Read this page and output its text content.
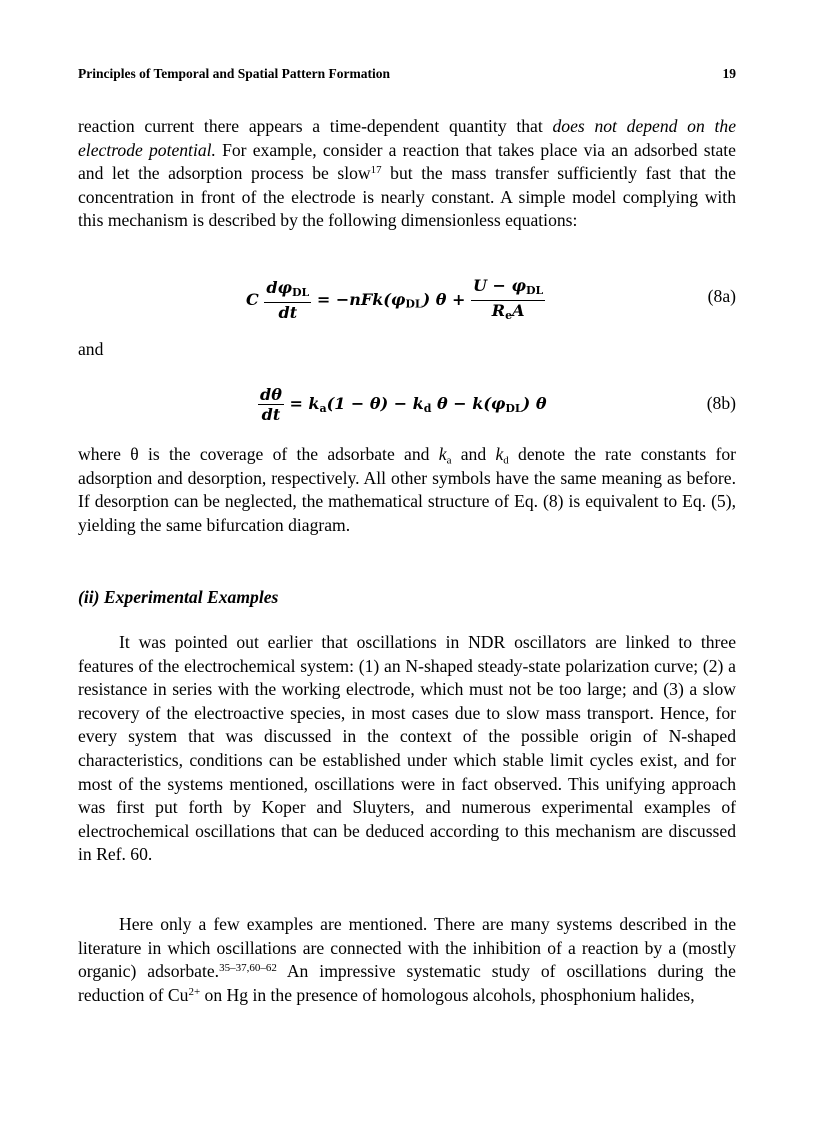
Principles of Temporal and Spatial Pattern Formation	19

reaction current there appears a time-dependent quantity that does not depend on the electrode potential. For example, consider a reaction that takes place via an adsorbed state and let the adsorption process be slow$^{17}$ but the mass transfer sufficiently fast that the concentration in front of the electrode is nearly constant. A simple model complying with this mechanism is described by the following dimensionless equations:

C $\frac{\text{dφDL}}{dt} = -nFk(\varphi DL) \theta + \frac{\text{U − φDL}}{\text{ReA}}$	(8a)
and
$\frac{d\theta}{dt} = ka(1 - \theta)$ − kd θ − k(φDL) θ	(8b)

where θ is the coverage of the adsorbate and $k_a$ and $k_d$ denote the rate constants for adsorption and desorption, respectively. All other symbols have the same meaning as before. If desorption can be neglected, the mathematical structure of Eq. (8) is equivalent to Eq. (5), yielding the same bifurcation diagram.

(ii) Experimental Examples

It was pointed out earlier that oscillations in NDR oscillators are linked to three features of the electrochemical system: (1) an N-shaped steady-state polarization curve; (2) a resistance in series with the working electrode, which must not be too large; and (3) a slow recovery of the electroactive species, in most cases due to slow mass transport. Hence, for every system that was discussed in the context of the possible origin of N-shaped characteristics, conditions can be established under which stable limit cycles exist, and for most of the systems mentioned, oscillations were in fact observed. This unifying approach was first put forth by Koper and Sluyters, and numerous experimental examples of electrochemical oscillations that can be deduced according to this mechanism are discussed in Ref. 60.

Here only a few examples are mentioned. There are many systems described in the literature in which oscillations are connected with the inhibition of a reaction by a (mostly organic) adsorbate.$^{35-37,60-62}$ An impressive systematic study of oscillations during the reduction of $Cu^{2+}$ on Hg in the presence of homologous alcohols, phosphonium halides,
